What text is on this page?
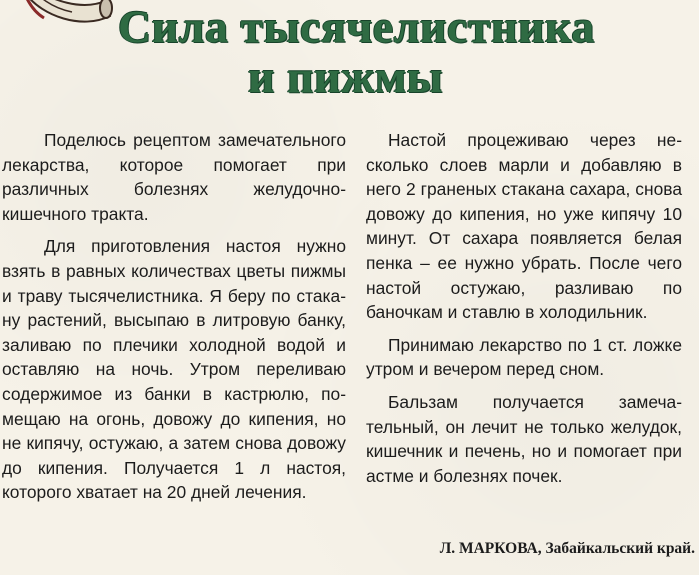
Сила тысячелистника
и пижмы

Поделюсь рецептом замечательного лекарства, которое помогает при различных болезнях желудочно-кишечного тракта.

Для приготовления настоя нужно взять в равных количествах цветы пижмы и траву тысячелистника. Я беру по стакану растений, высыпаю в литровую банку, заливаю по плечики холодной водой и оставляю на ночь. Утром переливаю содержимое из банки в кастрюлю, помещаю на огонь, довожу до кипения, но не кипячу, остужаю, а затем снова довожу до кипения. Получается 1 л настоя, которого хватает на 20 дней лечения.

Настой процеживаю через несколько слоев марли и добавляю в него 2 граненых стакана сахара, снова довожу до кипения, но уже кипячу 10 минут. От сахара появляется белая пенка – ее нужно убрать. После чего настой остужаю, разливаю по баночкам и ставлю в холодильник.

Принимаю лекарство по 1 ст. ложке утром и вечером перед сном.

Бальзам получается замечательный, он лечит не только желудок, кишечник и печень, но и помогает при астме и болезнях почек.

Л. МАРКОВА, Забайкальский край.
